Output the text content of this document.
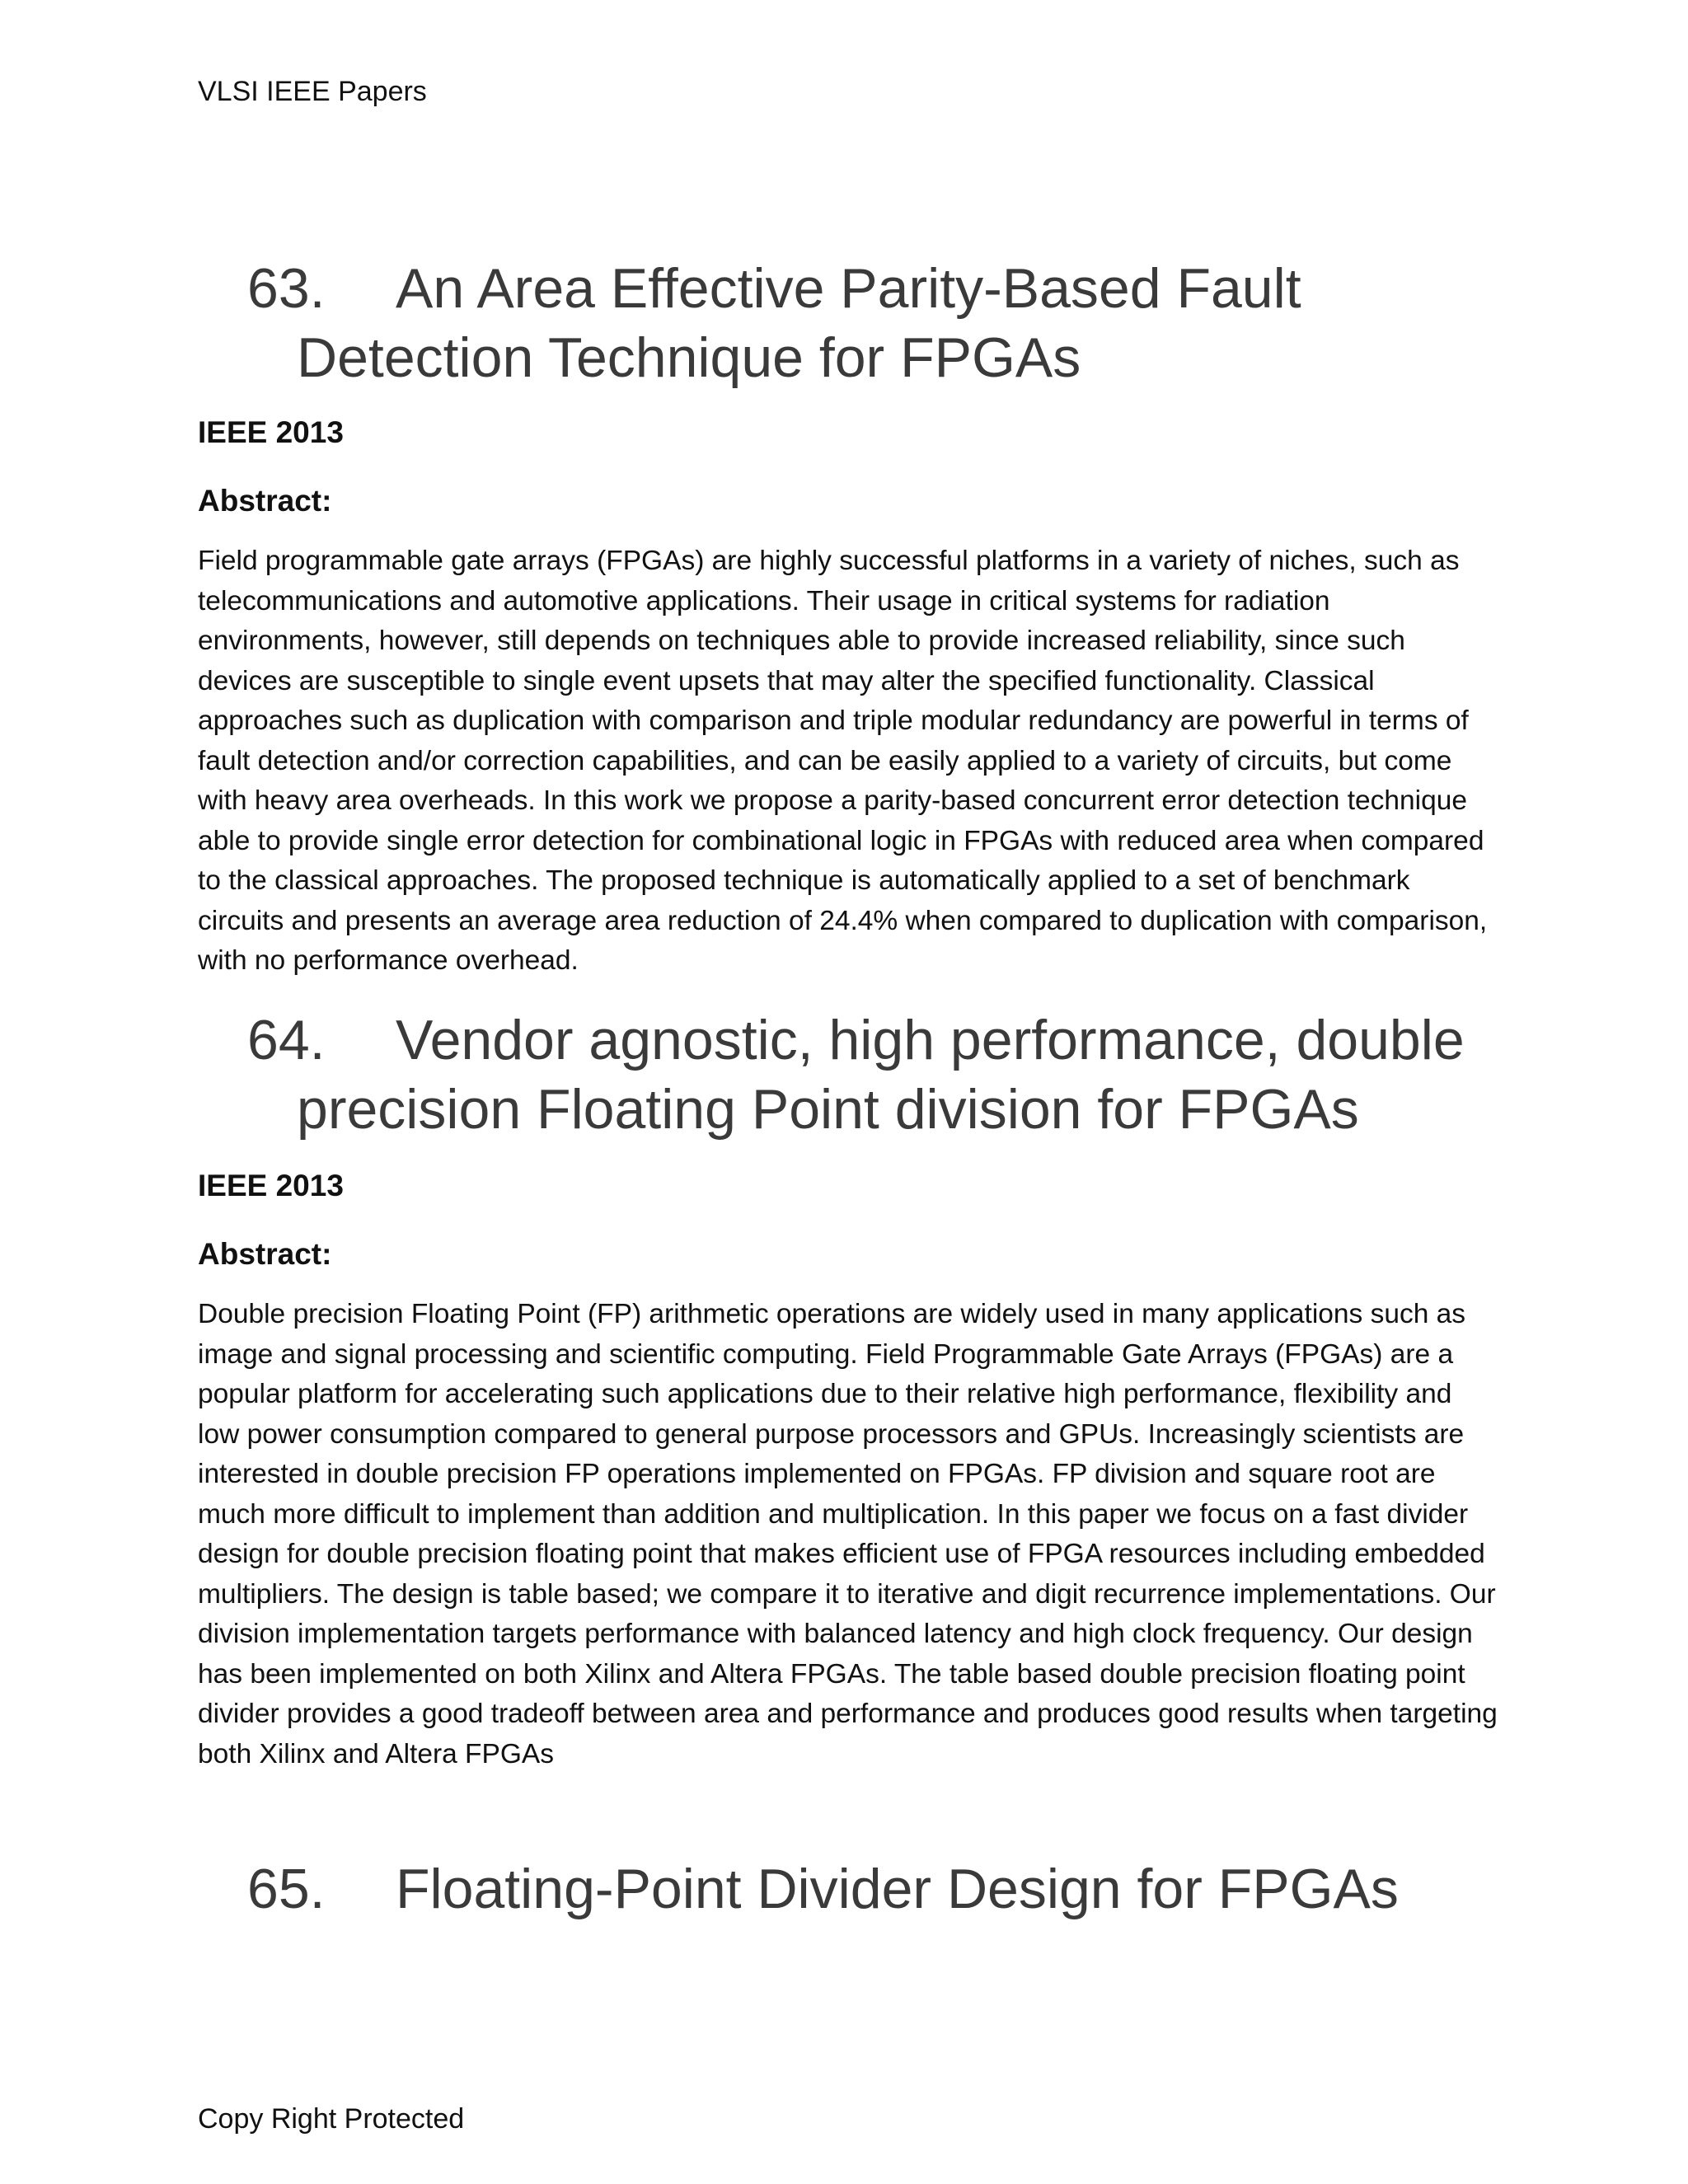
VLSI IEEE Papers
63.	An Area Effective Parity-Based Fault
Detection Technique for FPGAs

IEEE 2013

Abstract:

Field programmable gate arrays (FPGAs) are highly successful platforms in a variety of niches, such as telecommunications and automotive applications. Their usage in critical systems for radiation environments, however, still depends on techniques able to provide increased reliability, since such devices are susceptible to single event upsets that may alter the specified functionality. Classical approaches such as duplication with comparison and triple modular redundancy are powerful in terms of fault detection and/or correction capabilities, and can be easily applied to a variety of circuits, but come with heavy area overheads. In this work we propose a parity-based concurrent error detection technique able to provide single error detection for combinational logic in FPGAs with reduced area when compared to the classical approaches. The proposed technique is automatically applied to a set of benchmark circuits and presents an average area reduction of 24.4% when compared to duplication with comparison, with no performance overhead.

64.	Vendor agnostic, high performance, double
precision Floating Point division for FPGAs

IEEE 2013

Abstract:

Double precision Floating Point (FP) arithmetic operations are widely used in many applications such as image and signal processing and scientific computing. Field Programmable Gate Arrays (FPGAs) are a popular platform for accelerating such applications due to their relative high performance, flexibility and low power consumption compared to general purpose processors and GPUs. Increasingly scientists are interested in double precision FP operations implemented on FPGAs. FP division and square root are much more difficult to implement than addition and multiplication. In this paper we focus on a fast divider design for double precision floating point that makes efficient use of FPGA resources including embedded multipliers. The design is table based; we compare it to iterative and digit recurrence implementations. Our division implementation targets performance with balanced latency and high clock frequency. Our design has been implemented on both Xilinx and Altera FPGAs. The table based double precision floating point divider provides a good tradeoff between area and performance and produces good results when targeting both Xilinx and Altera FPGAs

65.	Floating-Point Divider Design for FPGAs
Copy Right Protected
